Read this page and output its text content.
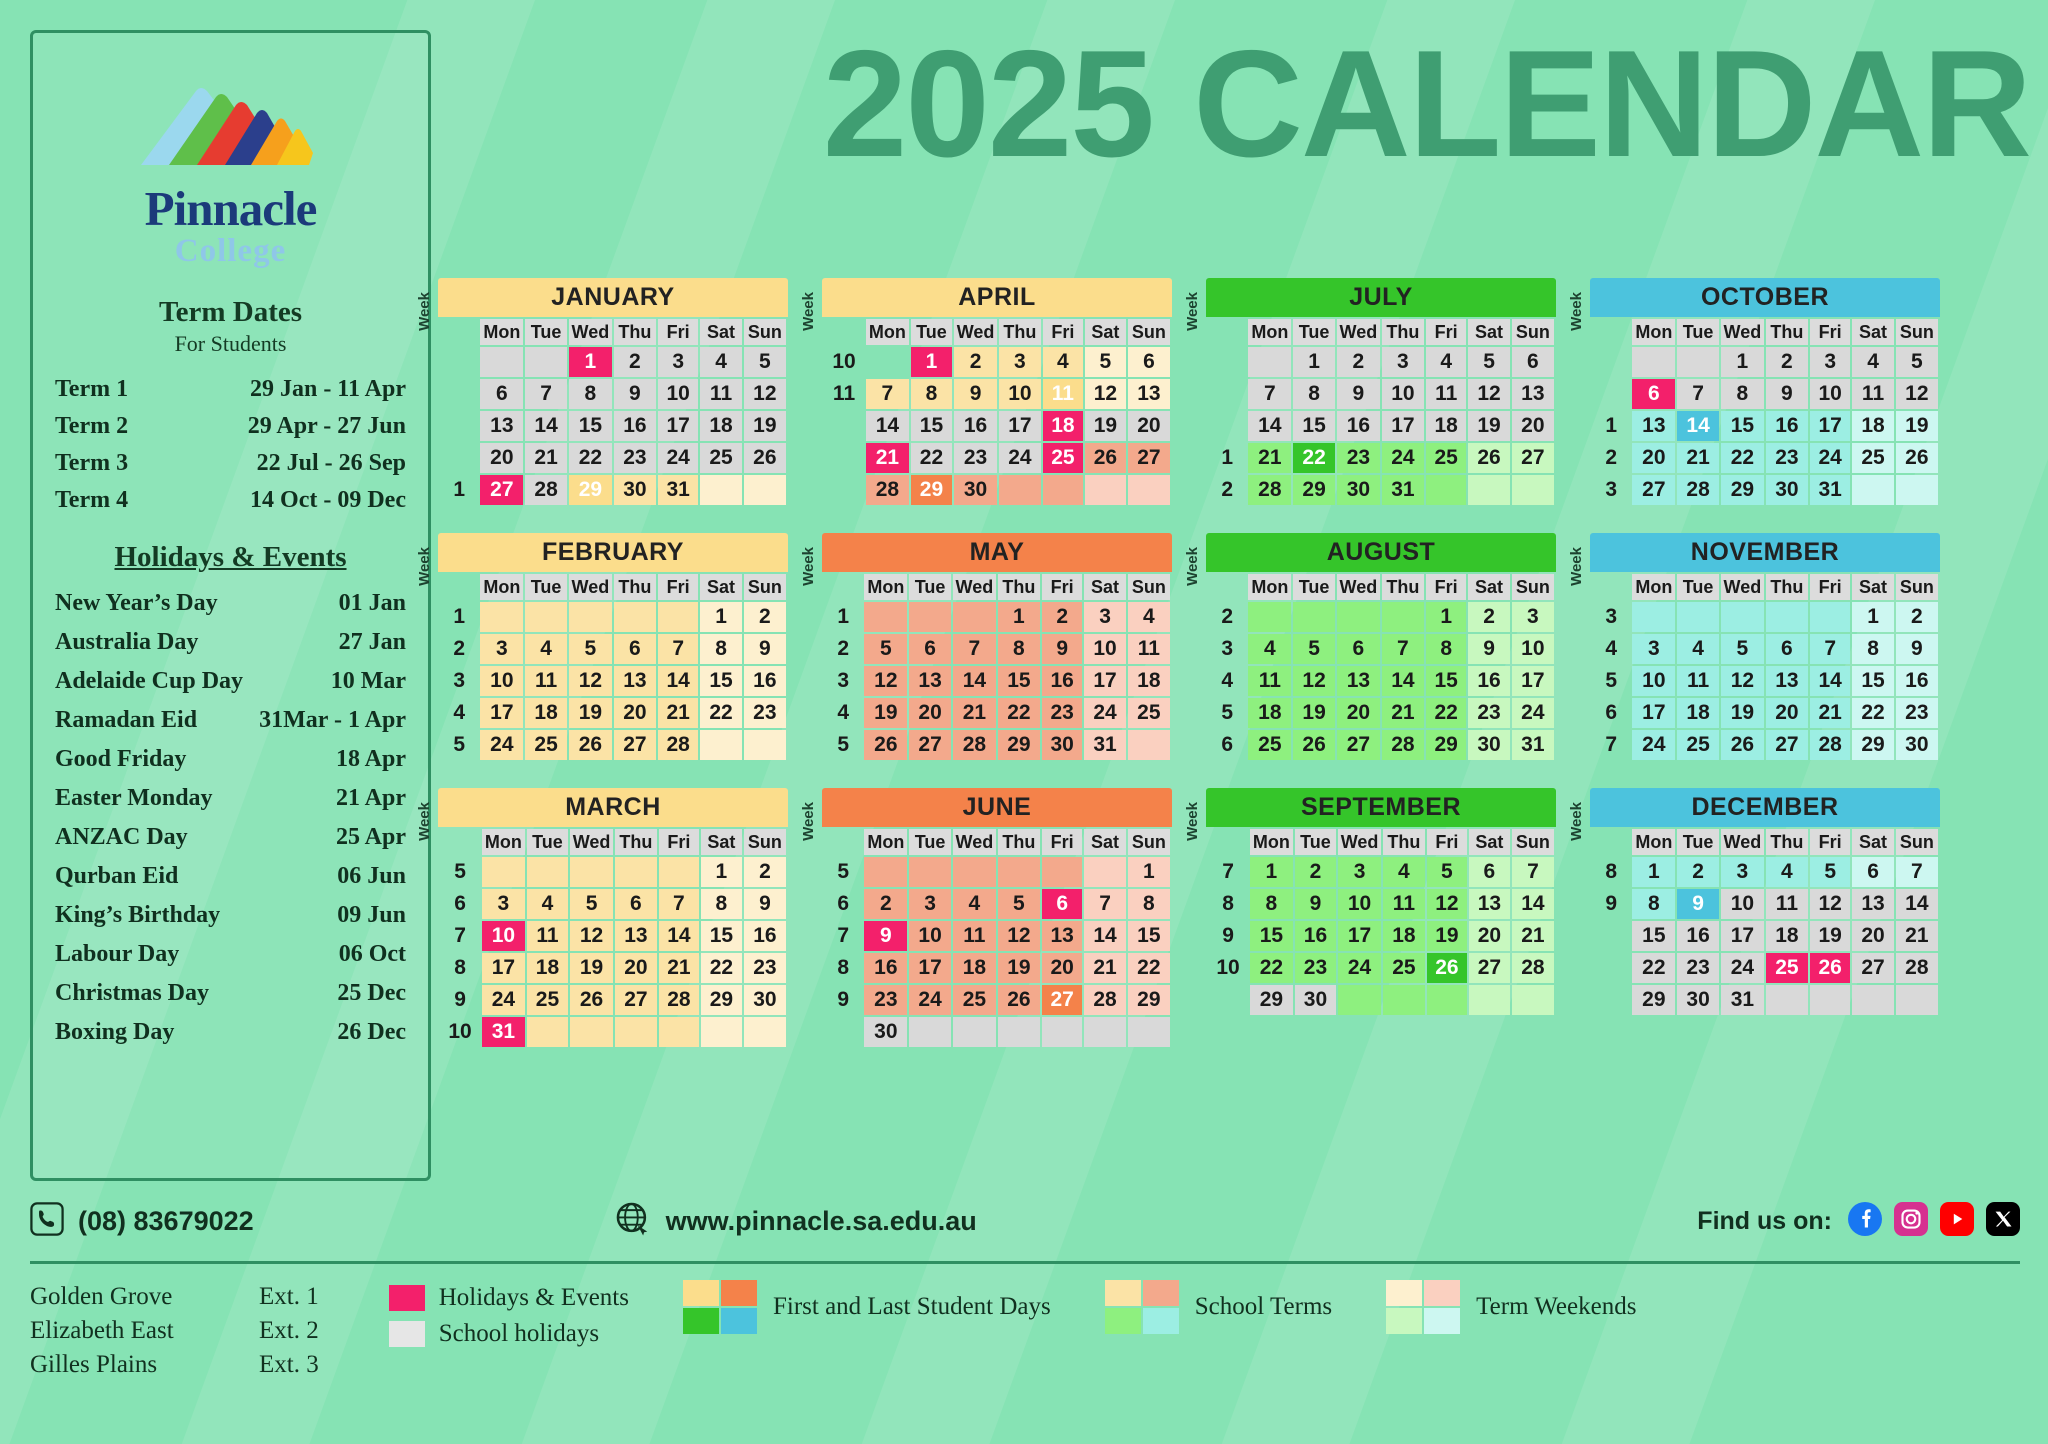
Pinnacle
College
Term Dates
For Students
Term 1	29 Jan - 11 Apr
Term 2	29 Apr - 27 Jun
Term 3	22 Jul - 26 Sep
Term 4	14 Oct - 09 Dec
Holidays & Events
New Year’s Day	01 Jan
Australia Day	27 Jan
Adelaide Cup Day	10 Mar
Ramadan Eid	31Mar - 1 Apr
Good Friday	18 Apr
Easter Monday	21 Apr
ANZAC Day	25 Apr
Qurban Eid	06 Jun
King’s Birthday	09 Jun
Labour Day	06 Oct
Christmas Day	25 Dec
Boxing Day	26 Dec
2025 CALENDAR
Week	JANUARY
	Mon	Tue	Wed	Thu	Fri	Sat	Sun
			1	2	3	4	5
	6	7	8	9	10	11	12
	13	14	15	16	17	18	19
	20	21	22	23	24	25	26
1	27	28	29	30	31		
Week	APRIL
	Mon	Tue	Wed	Thu	Fri	Sat	Sun
10		1	2	3	4	5	6
11	7	8	9	10	11	12	13
	14	15	16	17	18	19	20
	21	22	23	24	25	26	27
	28	29	30				
Week	JULY
	Mon	Tue	Wed	Thu	Fri	Sat	Sun
		1	2	3	4	5	6
	7	8	9	10	11	12	13
	14	15	16	17	18	19	20
1	21	22	23	24	25	26	27
2	28	29	30	31			
Week	OCTOBER
	Mon	Tue	Wed	Thu	Fri	Sat	Sun
			1	2	3	4	5
	6	7	8	9	10	11	12
1	13	14	15	16	17	18	19
2	20	21	22	23	24	25	26
3	27	28	29	30	31		
Week	FEBRUARY
	Mon	Tue	Wed	Thu	Fri	Sat	Sun
1						1	2
2	3	4	5	6	7	8	9
3	10	11	12	13	14	15	16
4	17	18	19	20	21	22	23
5	24	25	26	27	28		
Week	MAY
	Mon	Tue	Wed	Thu	Fri	Sat	Sun
1				1	2	3	4
2	5	6	7	8	9	10	11
3	12	13	14	15	16	17	18
4	19	20	21	22	23	24	25
5	26	27	28	29	30	31	
Week	AUGUST
	Mon	Tue	Wed	Thu	Fri	Sat	Sun
2					1	2	3
3	4	5	6	7	8	9	10
4	11	12	13	14	15	16	17
5	18	19	20	21	22	23	24
6	25	26	27	28	29	30	31
Week	NOVEMBER
	Mon	Tue	Wed	Thu	Fri	Sat	Sun
3						1	2
4	3	4	5	6	7	8	9
5	10	11	12	13	14	15	16
6	17	18	19	20	21	22	23
7	24	25	26	27	28	29	30
Week	MARCH
	Mon	Tue	Wed	Thu	Fri	Sat	Sun
5						1	2
6	3	4	5	6	7	8	9
7	10	11	12	13	14	15	16
8	17	18	19	20	21	22	23
9	24	25	26	27	28	29	30
10	31						
Week	JUNE
	Mon	Tue	Wed	Thu	Fri	Sat	Sun
5							1
6	2	3	4	5	6	7	8
7	9	10	11	12	13	14	15
8	16	17	18	19	20	21	22
9	23	24	25	26	27	28	29
	30						
Week	SEPTEMBER
	Mon	Tue	Wed	Thu	Fri	Sat	Sun
7	1	2	3	4	5	6	7
8	8	9	10	11	12	13	14
9	15	16	17	18	19	20	21
10	22	23	24	25	26	27	28
	29	30					
Week	DECEMBER
	Mon	Tue	Wed	Thu	Fri	Sat	Sun
8	1	2	3	4	5	6	7
9	8	9	10	11	12	13	14
	15	16	17	18	19	20	21
	22	23	24	25	26	27	28
	29	30	31				
(08) 83679022	www.pinnacle.sa.edu.au	Find us on:
Golden Grove	Ext. 1
Elizabeth East	Ext. 2
Gilles Plains	Ext. 3
Holidays & Events
School holidays
First and Last Student Days	School Terms	Term Weekends
